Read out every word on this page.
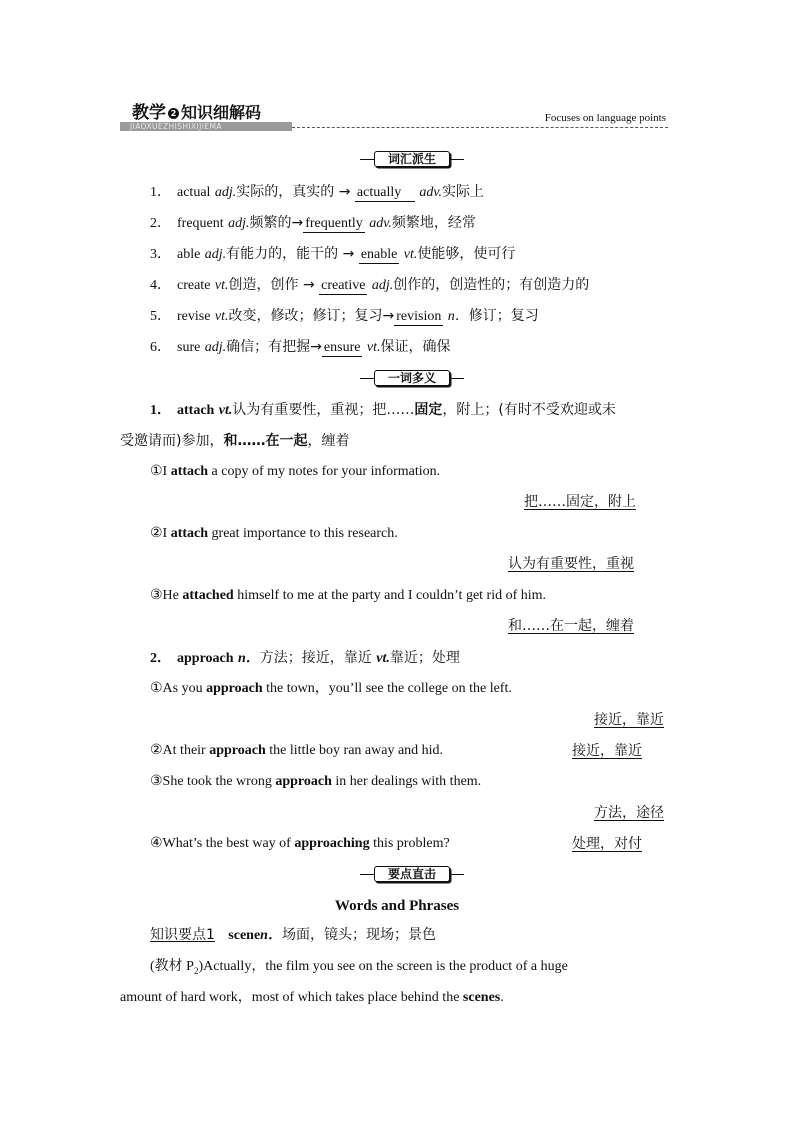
教学 2 知识细解码
JIAOXUEZHISHIXIJIEMA
Focuses on language points
词汇派生
1． actual adj.实际的，真实的 → actually adv.实际上
2． frequent adj.频繁的→ frequently adv.频繁地，经常
3． able adj.有能力的，能干的 → enable vt.使能够，使可行
4． create vt.创造，创作 → creative adj.创作的，创造性的；有创造力的
5． revise vt.改变，修改；修订；复习→ revision n．修订；复习
6． sure adj.确信；有把握→ ensure vt.保证，确保
一词多义
1． attach vt.认为有重要性，重视；把……固定，附上；(有时不受欢迎或未
受邀请而)参加，和……在一起，缠着
①I attach a copy of my notes for your information.
把……固定，附上
②I attach great importance to this research.
认为有重要性，重视
③He attached himself to me at the party and I couldn’t get rid of him.
和……在一起，缠着
2． approach n．方法；接近，靠近 vt.靠近；处理
①As you approach the town，you’ll see the college on the left.
接近，靠近
②At their approach the little boy ran away and hid.	接近，靠近
③She took the wrong approach in her dealings with them.
方法，途径
④What’s the best way of approaching this problem?	处理，对付
要点直击
Words and Phrases
知识要点1 scenen．场面，镜头；现场；景色
(教材 $P_2)Actually$，the film you see on the screen is the product of a huge
amount of hard work，most of which takes place behind the scenes.
